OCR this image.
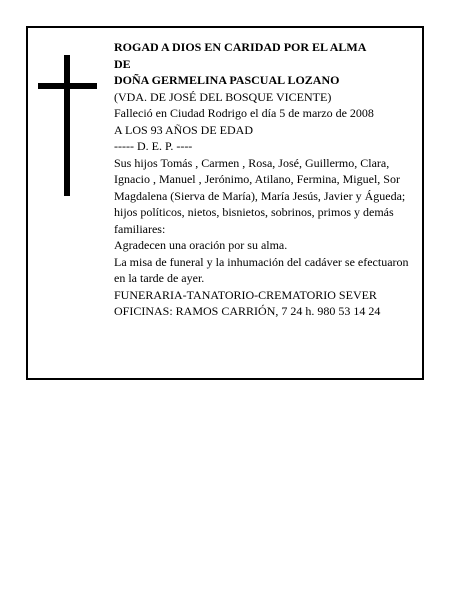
ROGAD A DIOS EN CARIDAD POR EL ALMA

DE

DOÑA GERMELINA PASCUAL LOZANO

(VDA. DE JOSÉ DEL BOSQUE VICENTE)

Falleció en Ciudad Rodrigo el día 5 de marzo de 2008

A LOS 93 AÑOS DE EDAD

----- D. E. P. ----

Sus hijos Tomás , Carmen , Rosa, José, Guillermo, Clara, Ignacio , Manuel , Jerónimo, Atilano, Fermina, Miguel, Sor Magdalena (Sierva de María), María Jesús, Javier y Águeda; hijos políticos, nietos, bisnietos, sobrinos, primos y demás familiares:

Agradecen una oración por su alma.

La misa de funeral y la inhumación del cadáver se efectuaron en la tarde de ayer.

FUNERARIA-TANATORIO-CREMATORIO SEVER

OFICINAS: RAMOS CARRIÓN, 7 24 h. 980 53 14 24
